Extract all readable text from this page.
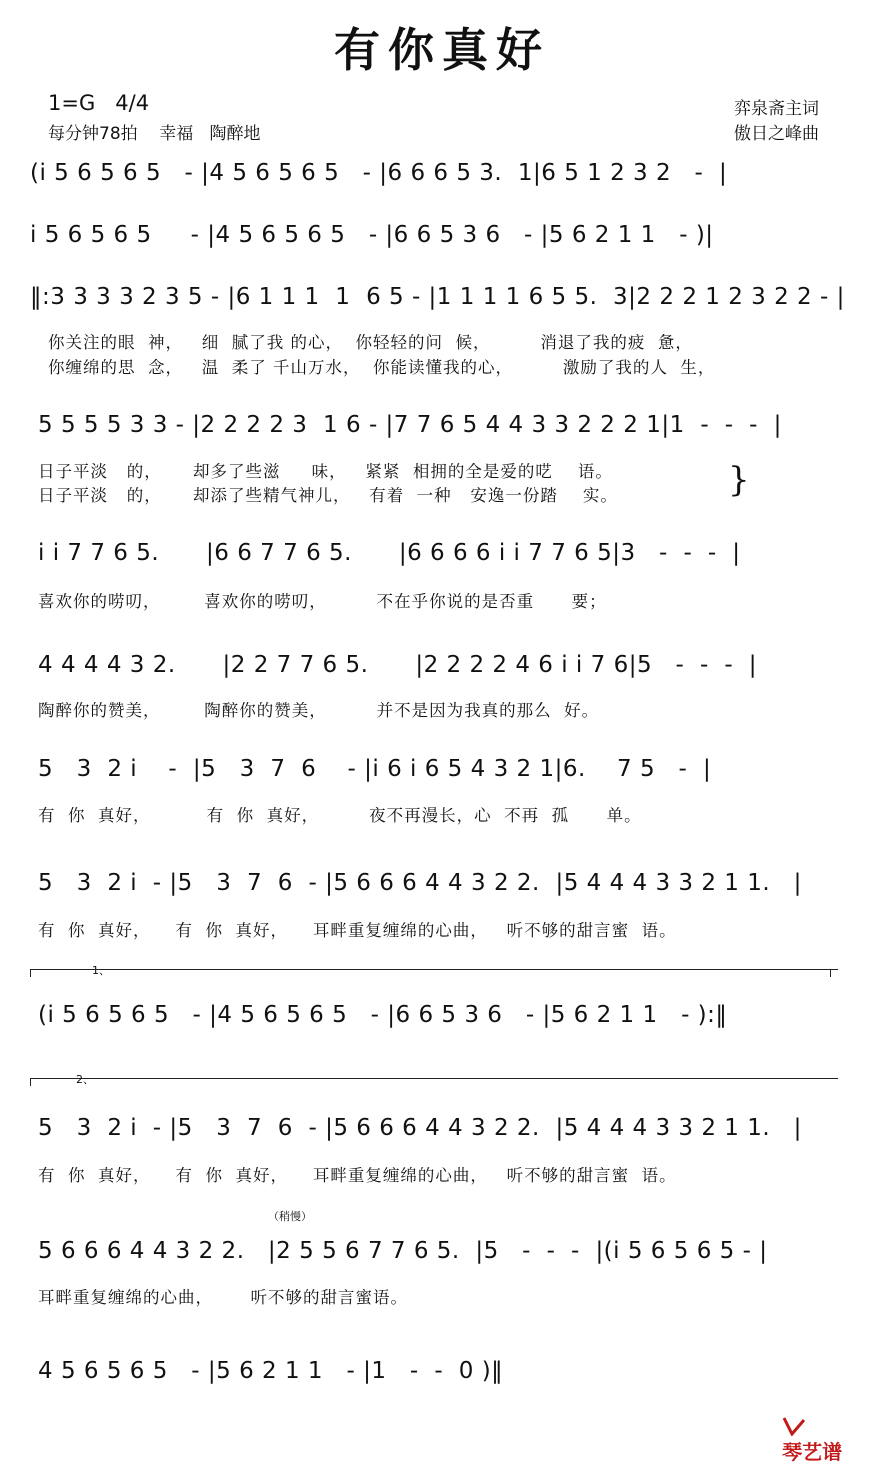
有你真好
1=G   4/4
每分钟78拍    幸福   陶醉地
弈泉斋主词
傲日之峰曲
(i 5 6 5 6 5   - |4 5 6 5 6 5   - |6 6 6 5 3.  1|6 5 1 2 3 2   -  |
i 5 6 5 6 5     - |4 5 6 5 6 5   - |6 6 5 3 6   - |5 6 2 1 1   - )|
‖:3 3 3 3 2 3 5 - |6 1 1 1  1  6 5 - |1 1 1 1 6 5 5.  3|2 2 2 1 2 3 2 2 - |
你关注的眼  神，   细  腻了我 的心，  你轻轻的问  候，        消退了我的疲  惫，
你缠绵的思  念，   温  柔了 千山万水，  你能读懂我的心，        激励了我的人  生，
5 5 5 5 3 3 - |2 2 2 2 3  1 6 - |7 7 6 5 4 4 3 3 2 2 2 1|1  -  -  -  |
日子平淡   的，     却多了些滋     味，   紧紧  相拥的全是爱的呓    语。
日子平淡   的，     却添了些精气神儿，   有着  一种   安逸一份踏    实。	}
i i 7 7 6 5.      |6 6 7 7 6 5.      |6 6 6 6 i i 7 7 6 5|3   -  -  -  |
喜欢你的唠叨，       喜欢你的唠叨，        不在乎你说的是否重      要；
4 4 4 4 3 2.      |2 2 7 7 6 5.      |2 2 2 2 4 6 i i 7 6|5   -  -  -  |
陶醉你的赞美，       陶醉你的赞美，        并不是因为我真的那么  好。
5   3  2 i    -  |5   3  7  6    - |i 6 i 6 5 4 3 2 1|6.    7 5   -  |
有  你  真好，         有  你  真好，        夜不再漫长，心  不再  孤      单。
5   3  2 i  - |5   3  7  6  - |5 6 6 6 4 4 3 2 2.  |5 4 4 4 3 3 2 1 1.   |
有  你  真好，    有  你  真好，    耳畔重复缠绵的心曲，   听不够的甜言蜜  语。
1、
(i 5 6 5 6 5   - |4 5 6 5 6 5   - |6 6 5 3 6   - |5 6 2 1 1   - ):‖
2、
5   3  2 i  - |5   3  7  6  - |5 6 6 6 4 4 3 2 2.  |5 4 4 4 3 3 2 1 1.   |
有  你  真好，    有  你  真好，    耳畔重复缠绵的心曲，   听不够的甜言蜜  语。
（稍慢）
5 6 6 6 4 4 3 2 2.   |2 5 5 6 7 7 6 5.  |5   -  -  -  |(i 5 6 5 6 5 - |
耳畔重复缠绵的心曲，      听不够的甜言蜜语。
4 5 6 5 6 5   - |5 6 2 1 1   - |1   -  -  0 )‖

琴艺谱
